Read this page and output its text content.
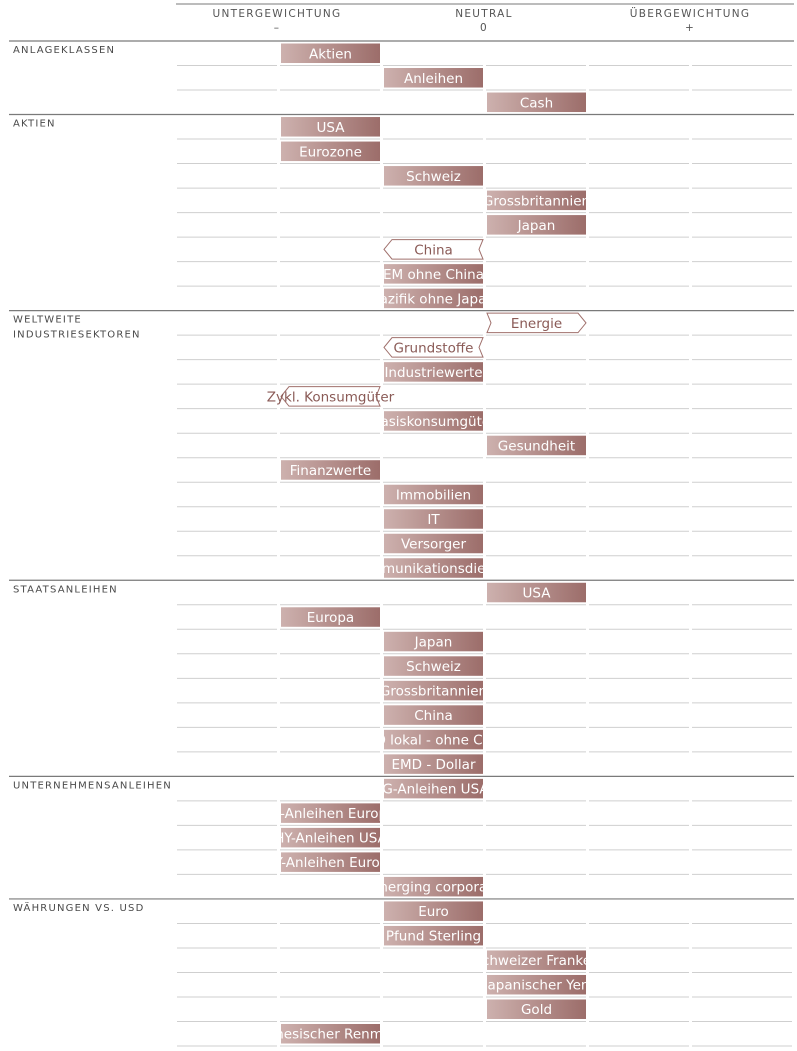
UNTERGEWICHTUNG
–
NEUTRAL
0
ÜBERGEWICHTUNG
+
ANLAGEKLASSEN
AKTIEN
WELTWEITE
INDUSTRIESEKTOREN
STAATSANLEIHEN
UNTERNEHMENSANLEIHEN
WÄHRUNGEN VS. USD
Aktien
Anleihen
Cash
USA
Eurozone
Schweiz
Grossbritannien
Japan
China
EM ohne China
Pazifik ohne Japan
Energie
Grundstoffe
Industriewerte
Zykl. Konsumgüter
Basiskonsumgüter
Gesundheit
Finanzwerte
Immobilien
IT
Versorger
Kommunikationsdienste
USA
Europa
Japan
Schweiz
Grossbritannien
China
EMD lokal - ohne China
EMD - Dollar
IG-Anleihen USA
IG-Anleihen Europa
HY-Anleihen USA
HY-Anleihen Europa
Emerging corporate
Euro
Pfund Sterling
Schweizer Franken
Japanischer Yen
Gold
Chinesischer Renminbi
